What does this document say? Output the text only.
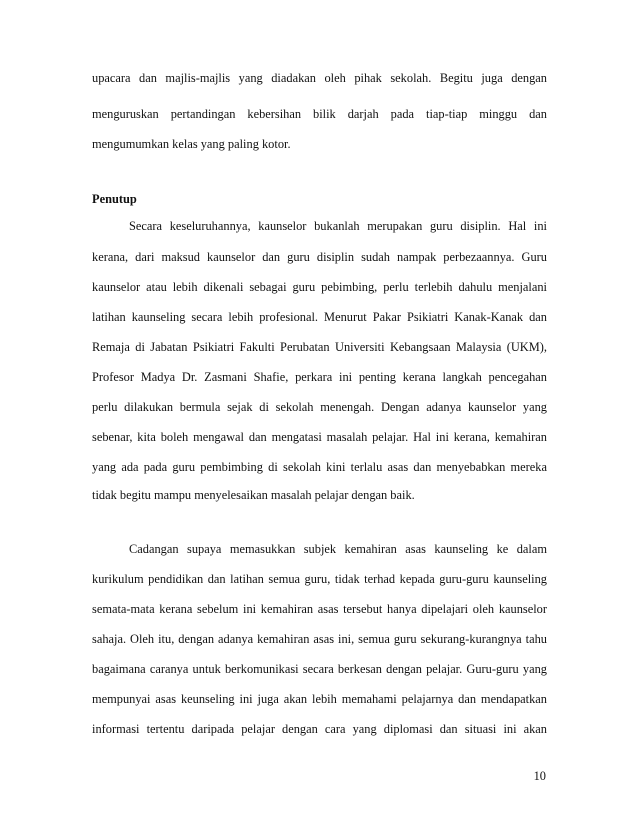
upacara dan majlis-majlis yang diadakan oleh pihak sekolah. Begitu juga dengan
menguruskan pertandingan kebersihan bilik darjah pada tiap-tiap minggu dan
mengumumkan kelas yang paling kotor.
Penutup
Secara keseluruhannya, kaunselor bukanlah merupakan guru disiplin. Hal ini
kerana, dari maksud kaunselor dan guru disiplin sudah nampak perbezaannya. Guru
kaunselor atau lebih dikenali sebagai guru pebimbing, perlu terlebih dahulu menjalani
latihan kaunseling secara lebih profesional. Menurut Pakar Psikiatri Kanak-Kanak dan
Remaja di Jabatan Psikiatri Fakulti Perubatan Universiti Kebangsaan Malaysia (UKM),
Profesor Madya Dr. Zasmani Shafie, perkara ini penting kerana langkah pencegahan
perlu dilakukan bermula sejak di sekolah menengah. Dengan adanya kaunselor yang
sebenar, kita boleh mengawal dan mengatasi masalah pelajar. Hal ini kerana, kemahiran
yang ada pada guru pembimbing di sekolah kini terlalu asas dan menyebabkan mereka
tidak begitu mampu menyelesaikan masalah pelajar dengan baik.
Cadangan supaya memasukkan subjek kemahiran asas kaunseling ke dalam
kurikulum pendidikan dan latihan semua guru, tidak terhad kepada guru-guru kaunseling
semata-mata kerana sebelum ini kemahiran asas tersebut hanya dipelajari oleh kaunselor
sahaja. Oleh itu, dengan adanya kemahiran asas ini, semua guru sekurang-kurangnya tahu
bagaimana caranya untuk berkomunikasi secara berkesan dengan pelajar. Guru-guru yang
mempunyai asas keunseling ini juga akan lebih memahami pelajarnya dan mendapatkan
informasi tertentu daripada pelajar dengan cara yang diplomasi dan situasi ini akan
10
